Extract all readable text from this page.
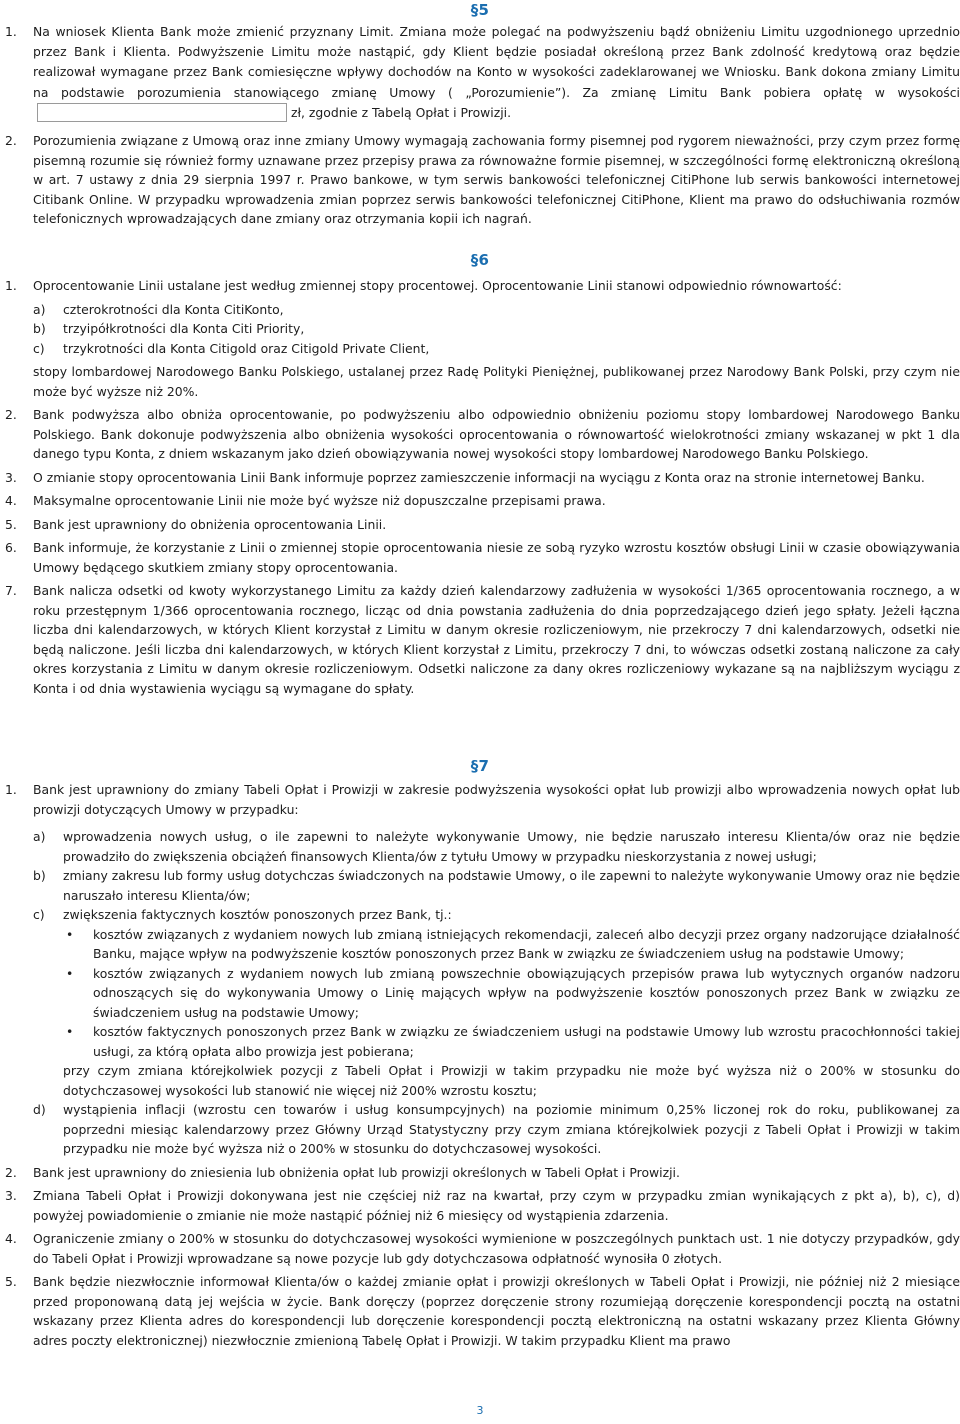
§5
1. Na wniosek Klienta Bank może zmienić przyznany Limit. Zmiana może polegać na podwyższeniu bądź obniżeniu Limitu uzgodnionego uprzednio przez Bank i Klienta. Podwyższenie Limitu może nastąpić, gdy Klient będzie posiadał określoną przez Bank zdolność kredytową oraz będzie realizował wymagane przez Bank comiesięczne wpływy dochodów na Konto w wysokości zadeklarowanej we Wniosku. Bank dokona zmiany Limitu na podstawie porozumienia stanowiącego zmianę Umowy ( „Porozumienie”). Za zmianę Limitu Bank pobiera opłatę w wysokościzł, zgodnie z Tabelą Opłat i Prowizji.
2. Porozumienia związane z Umową oraz inne zmiany Umowy wymagają zachowania formy pisemnej pod rygorem nieważności, przy czym przez formę pisemną rozumie się również formy uznawane przez przepisy prawa za równoważne formie pisemnej, w szczególności formę elektroniczną określoną w art. 7 ustawy z dnia 29 sierpnia 1997 r. Prawo bankowe, w tym serwis bankowości telefonicznej CitiPhone lub serwis bankowości internetowej Citibank Online. W przypadku wprowadzenia zmian poprzez serwis bankowości telefonicznej CitiPhone, Klient ma prawo do odsłuchiwania rozmów telefonicznych wprowadzających dane zmiany oraz otrzymania kopii ich nagrań.
§6
1. Oprocentowanie Linii ustalane jest według zmiennej stopy procentowej. Oprocentowanie Linii stanowi odpowiednio równowartość:
a) czterokrotności dla Konta CitiKonto,
b) trzyipółkrotności dla Konta Citi Priority,
c) trzykrotności dla Konta Citigold oraz Citigold Private Client,
stopy lombardowej Narodowego Banku Polskiego, ustalanej przez Radę Polityki Pieniężnej, publikowanej przez Narodowy Bank Polski, przy czym nie może być wyższe niż 20%.
2. Bank podwyższa albo obniża oprocentowanie, po podwyższeniu albo odpowiednio obniżeniu poziomu stopy lombardowej Narodowego Banku Polskiego. Bank dokonuje podwyższenia albo obniżenia wysokości oprocentowania o równowartość wielokrotności zmiany wskazanej w pkt 1 dla danego typu Konta, z dniem wskazanym jako dzień obowiązywania nowej wysokości stopy lombardowej Narodowego Banku Polskiego.
3. O zmianie stopy oprocentowania Linii Bank informuje poprzez zamieszczenie informacji na wyciągu z Konta oraz na stronie internetowej Banku.
4. Maksymalne oprocentowanie Linii nie może być wyższe niż dopuszczalne przepisami prawa.
5. Bank jest uprawniony do obniżenia oprocentowania Linii.
6. Bank informuje, że korzystanie z Linii o zmiennej stopie oprocentowania niesie ze sobą ryzyko wzrostu kosztów obsługi Linii w czasie obowiązywania Umowy będącego skutkiem zmiany stopy oprocentowania.
7. Bank nalicza odsetki od kwoty wykorzystanego Limitu za każdy dzień kalendarzowy zadłużenia w wysokości 1/365 oprocentowania rocznego, a w roku przestępnym 1/366 oprocentowania rocznego, licząc od dnia powstania zadłużenia do dnia poprzedzającego dzień jego spłaty. Jeżeli łączna liczba dni kalendarzowych, w których Klient korzystał z Limitu w danym okresie rozliczeniowym, nie przekroczy 7 dni kalendarzowych, odsetki nie będą naliczone. Jeśli liczba dni kalendarzowych, w których Klient korzystał z Limitu, przekroczy 7 dni, to wówczas odsetki zostaną naliczone za cały okres korzystania z Limitu w danym okresie rozliczeniowym. Odsetki naliczone za dany okres rozliczeniowy wykazane są na najbliższym wyciągu z Konta i od dnia wystawienia wyciągu są wymagane do spłaty.
§7
1. Bank jest uprawniony do zmiany Tabeli Opłat i Prowizji w zakresie podwyższenia wysokości opłat lub prowizji albo wprowadzenia nowych opłat lub prowizji dotyczących Umowy w przypadku:
a) wprowadzenia nowych usług, o ile zapewni to należyte wykonywanie Umowy, nie będzie naruszało interesu Klienta/ów oraz nie będzie prowadziło do zwiększenia obciążeń finansowych Klienta/ów z tytułu Umowy w przypadku nieskorzystania z nowej usługi;
b) zmiany zakresu lub formy usług dotychczas świadczonych na podstawie Umowy, o ile zapewni to należyte wykonywanie Umowy oraz nie będzie naruszało interesu Klienta/ów;
c) zwiększenia faktycznych kosztów ponoszonych przez Bank, tj.:
• kosztów związanych z wydaniem nowych lub zmianą istniejących rekomendacji, zaleceń albo decyzji przez organy nadzorujące działalność Banku, mające wpływ na podwyższenie kosztów ponoszonych przez Bank w związku ze świadczeniem usług na podstawie Umowy;
• kosztów związanych z wydaniem nowych lub zmianą powszechnie obowiązujących przepisów prawa lub wytycznych organów nadzoru odnoszących się do wykonywania Umowy o Linię mających wpływ na podwyższenie kosztów ponoszonych przez Bank w związku ze świadczeniem usług na podstawie Umowy;
• kosztów faktycznych ponoszonych przez Bank w związku ze świadczeniem usługi na podstawie Umowy lub wzrostu pracochłonności takiej usługi, za którą opłata albo prowizja jest pobierana;
przy czym zmiana którejkolwiek pozycji z Tabeli Opłat i Prowizji w takim przypadku nie może być wyższa niż o 200% w stosunku do dotychczasowej wysokości lub stanowić nie więcej niż 200% wzrostu kosztu;
d) wystąpienia inflacji (wzrostu cen towarów i usług konsumpcyjnych) na poziomie minimum 0,25% liczonej rok do roku, publikowanej za poprzedni miesiąc kalendarzowy przez Główny Urząd Statystyczny przy czym zmiana którejkolwiek pozycji z Tabeli Opłat i Prowizji w takim przypadku nie może być wyższa niż o 200% w stosunku do dotychczasowej wysokości.
2. Bank jest uprawniony do zniesienia lub obniżenia opłat lub prowizji określonych w Tabeli Opłat i Prowizji.
3. Zmiana Tabeli Opłat i Prowizji dokonywana jest nie częściej niż raz na kwartał, przy czym w przypadku zmian wynikających z pkt a), b), c), d) powyżej powiadomienie o zmianie nie może nastąpić później niż 6 miesięcy od wystąpienia zdarzenia.
4. Ograniczenie zmiany o 200% w stosunku do dotychczasowej wysokości wymienione w poszczególnych punktach ust. 1 nie dotyczy przypadków, gdy do Tabeli Opłat i Prowizji wprowadzane są nowe pozycje lub gdy dotychczasowa odpłatność wynosiła 0 złotych.
5. Bank będzie niezwłocznie informował Klienta/ów o każdej zmianie opłat i prowizji określonych w Tabeli Opłat i Prowizji, nie później niż 2 miesiące przed proponowaną datą jej wejścia w życie. Bank doręczy (poprzez doręczenie strony rozumiejąą doręczenie korespondencji pocztą na ostatni wskazany przez Klienta adres do korespondencji lub doręczenie korespondencji pocztą elektroniczną na ostatni wskazany przez Klienta Główny adres poczty elektronicznej) niezwłocznie zmienioną Tabelę Opłat i Prowizji. W takim przypadku Klient ma prawo
3
